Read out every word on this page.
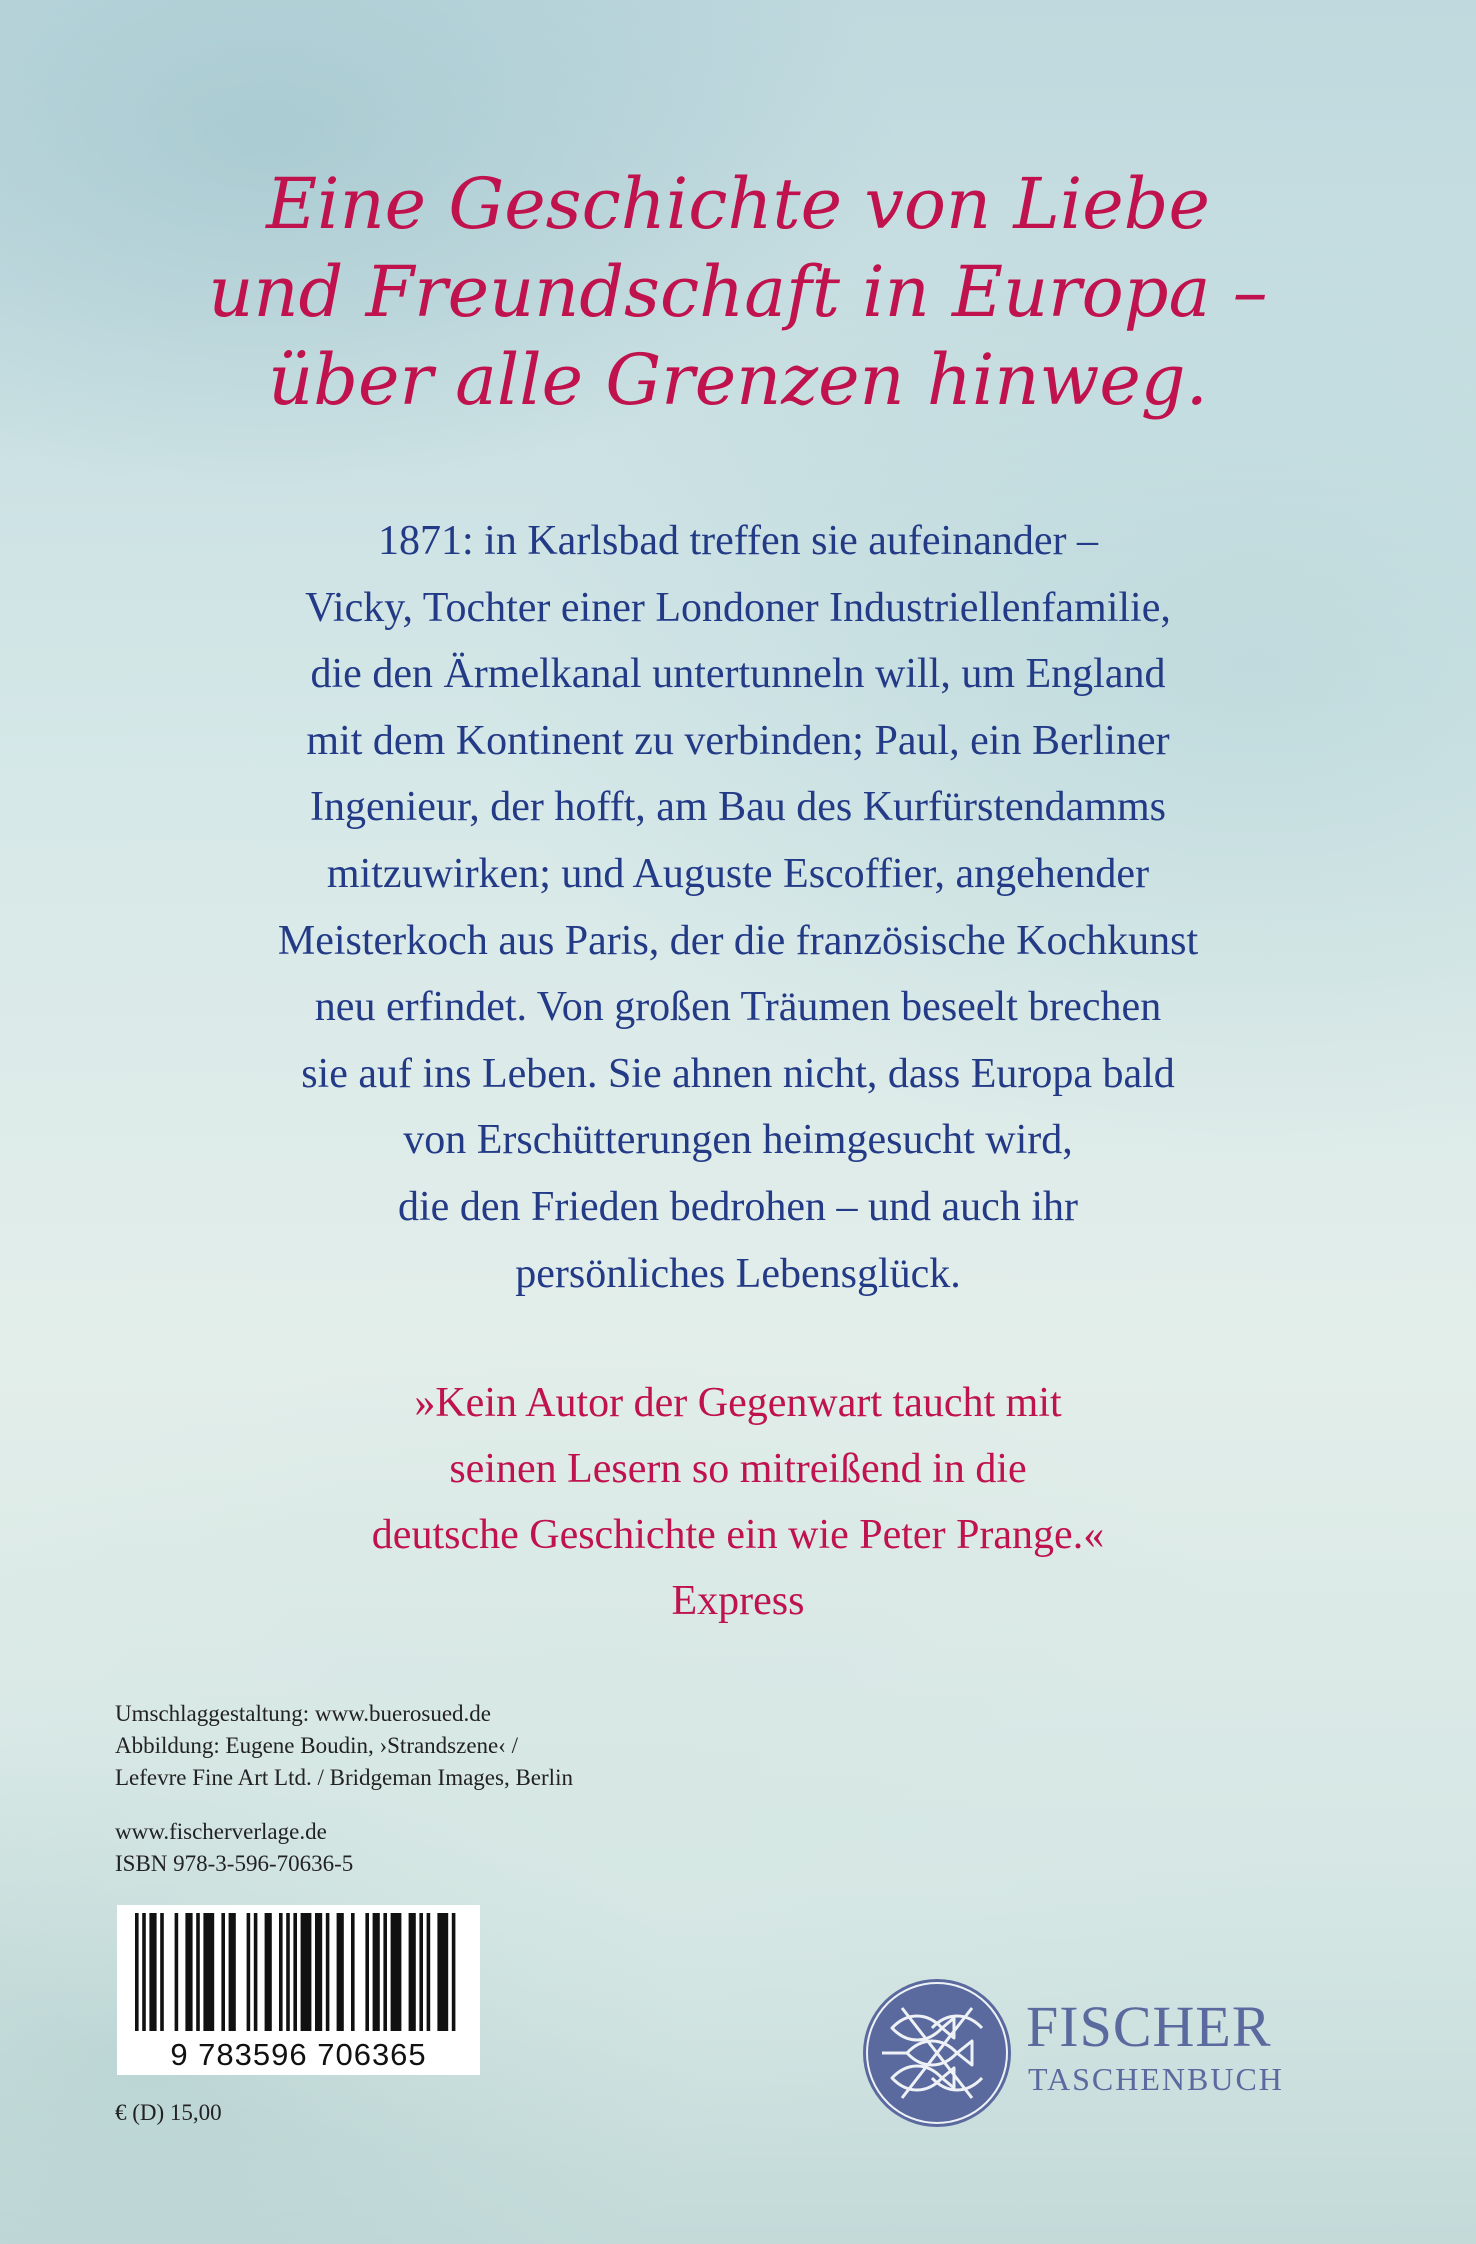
Eine Geschichte von Liebe
und Freundschaft in Europa –
über alle Grenzen hinweg.
1871: in Karlsbad treffen sie aufeinander –
Vicky, Tochter einer Londoner Industriellenfamilie,
die den Ärmelkanal untertunneln will, um England
mit dem Kontinent zu verbinden; Paul, ein Berliner
Ingenieur, der hofft, am Bau des Kurfürstendamms
mitzuwirken; und Auguste Escoffier, angehender
Meisterkoch aus Paris, der die französische Kochkunst
neu erfindet. Von großen Träumen beseelt brechen
sie auf ins Leben. Sie ahnen nicht, dass Europa bald
von Erschütterungen heimgesucht wird,
die den Frieden bedrohen – und auch ihr
persönliches Lebensglück.
»Kein Autor der Gegenwart taucht mit
seinen Lesern so mitreißend in die
deutsche Geschichte ein wie Peter Prange.«
Express
Umschlaggestaltung: www.buerosued.de
Abbildung: Eugene Boudin, ›Strandszene‹ /
Lefevre Fine Art Ltd. / Bridgeman Images, Berlin
www.fischerverlage.de
ISBN 978-3-596-70636-5
9 783596 706365
€ (D) 15,00
FISCHER
TASCHENBUCH
